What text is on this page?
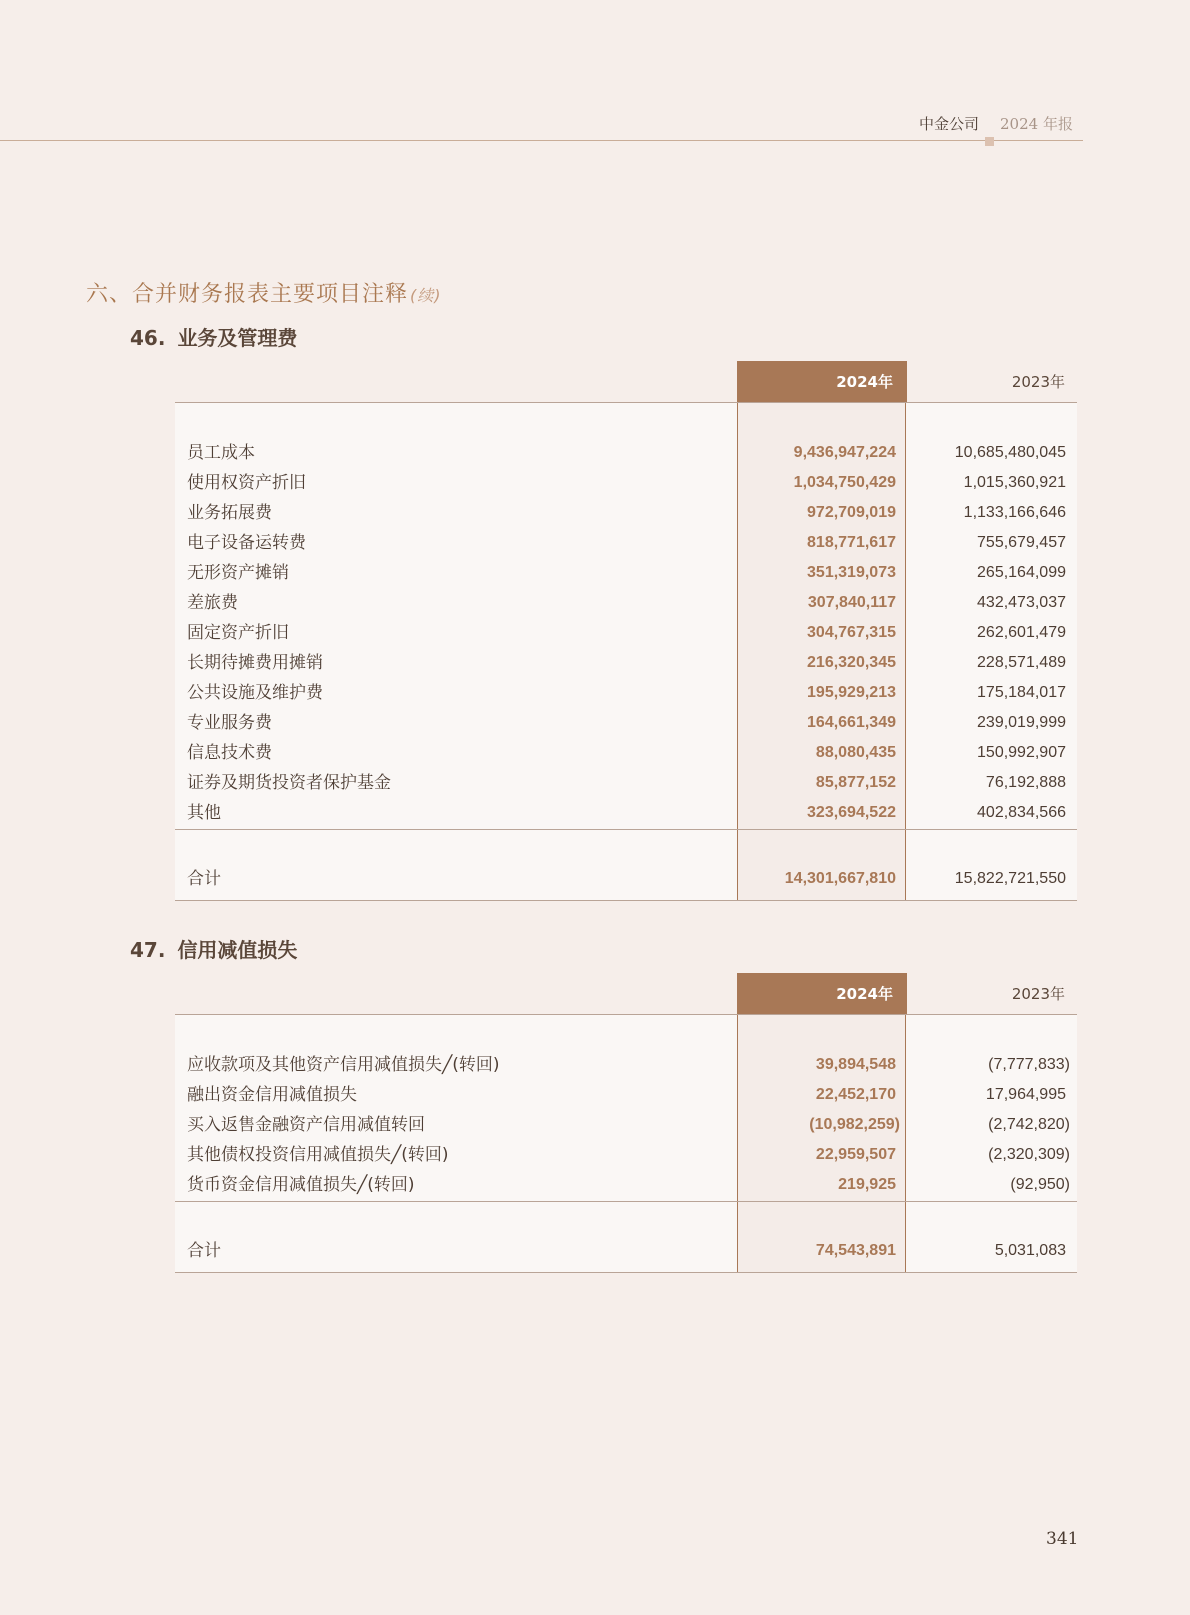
中金公司 2024 年报
六、合并财务报表主要项目注释 (续)
46. 业务及管理费
2024年	2023年
员工成本	9,436,947,224	10,685,480,045
使用权资产折旧	1,034,750,429	1,015,360,921
业务拓展费	972,709,019	1,133,166,646
电子设备运转费	818,771,617	755,679,457
无形资产摊销	351,319,073	265,164,099
差旅费	307,840,117	432,473,037
固定资产折旧	304,767,315	262,601,479
长期待摊费用摊销	216,320,345	228,571,489
公共设施及维护费	195,929,213	175,184,017
专业服务费	164,661,349	239,019,999
信息技术费	88,080,435	150,992,907
证券及期货投资者保护基金	85,877,152	76,192,888
其他	323,694,522	402,834,566
合计	14,301,667,810	15,822,721,550
47. 信用减值损失
2024年	2023年
应收款项及其他资产信用减值损失╱(转回)	39,894,548	(7,777,833)
融出资金信用减值损失	22,452,170	17,964,995
买入返售金融资产信用减值转回	(10,982,259)	(2,742,820)
其他债权投资信用减值损失╱(转回)	22,959,507	(2,320,309)
货币资金信用减值损失╱(转回)	219,925	(92,950)
合计	74,543,891	5,031,083
341
